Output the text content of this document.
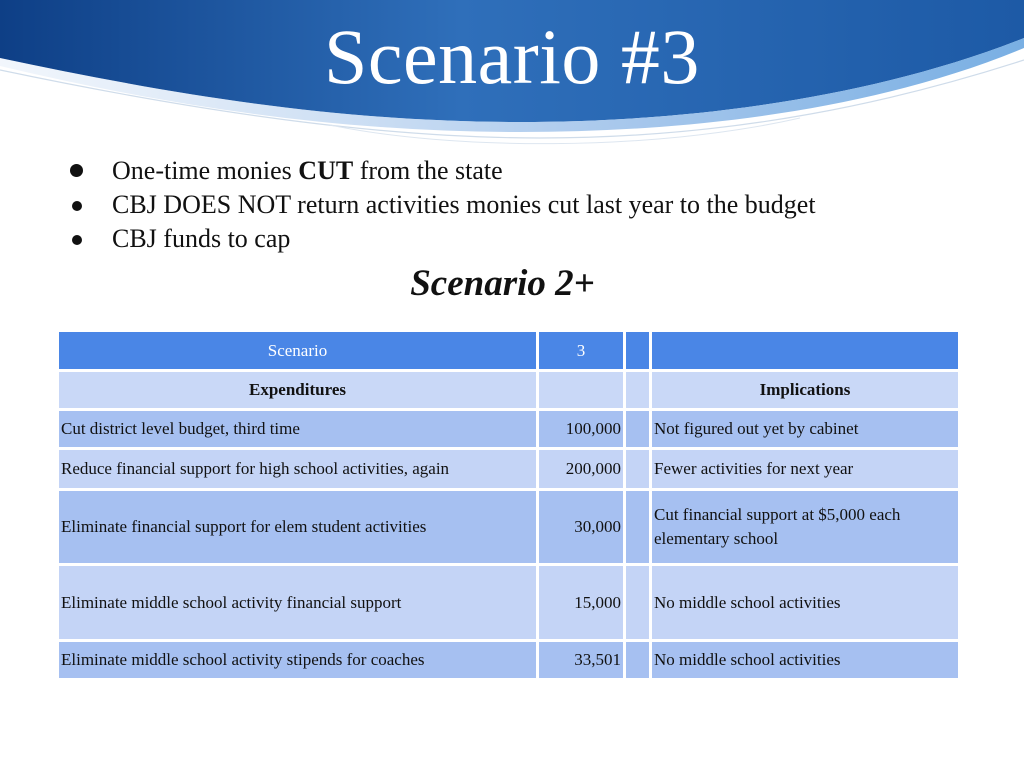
Scenario #3
One-time monies CUT from the state
CBJ DOES NOT return activities monies cut last year to the budget
CBJ funds to cap
Scenario 2+
Scenario	3		
Expenditures			Implications
Cut district level budget, third time	100,000		Not figured out yet by cabinet
Reduce financial support for high school activities, again	200,000		Fewer activities for next year
Eliminate financial support for elem student activities	30,000		Cut financial support at $5,000 each elementary school
Eliminate middle school activity financial support	15,000		No middle school activities
Eliminate middle school activity stipends for coaches	33,501		No middle school activities
